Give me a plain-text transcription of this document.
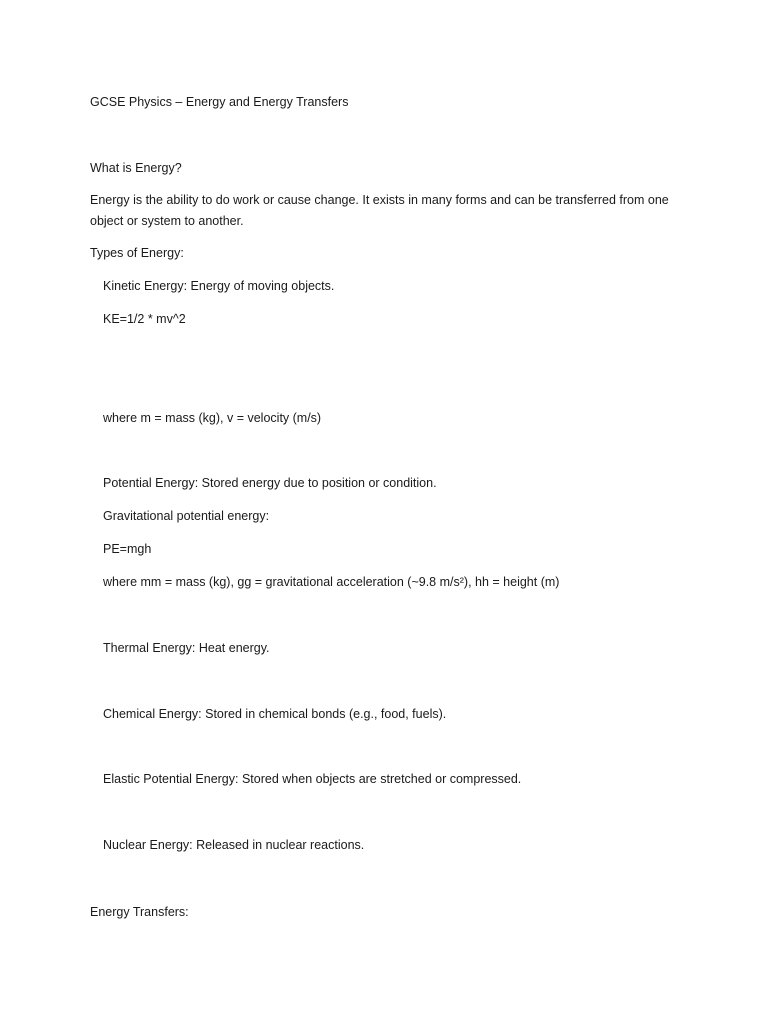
GCSE Physics – Energy and Energy Transfers
What is Energy?
Energy is the ability to do work or cause change. It exists in many forms and can be transferred from one object or system to another.
Types of Energy:
Kinetic Energy: Energy of moving objects.
KE=1/2 * mv^2
where m = mass (kg), v = velocity (m/s)
Potential Energy: Stored energy due to position or condition.
Gravitational potential energy:
PE=mgh
where mm = mass (kg), gg = gravitational acceleration (~9.8 m/s²), hh = height (m)
Thermal Energy: Heat energy.
Chemical Energy: Stored in chemical bonds (e.g., food, fuels).
Elastic Potential Energy: Stored when objects are stretched or compressed.
Nuclear Energy: Released in nuclear reactions.
Energy Transfers:
